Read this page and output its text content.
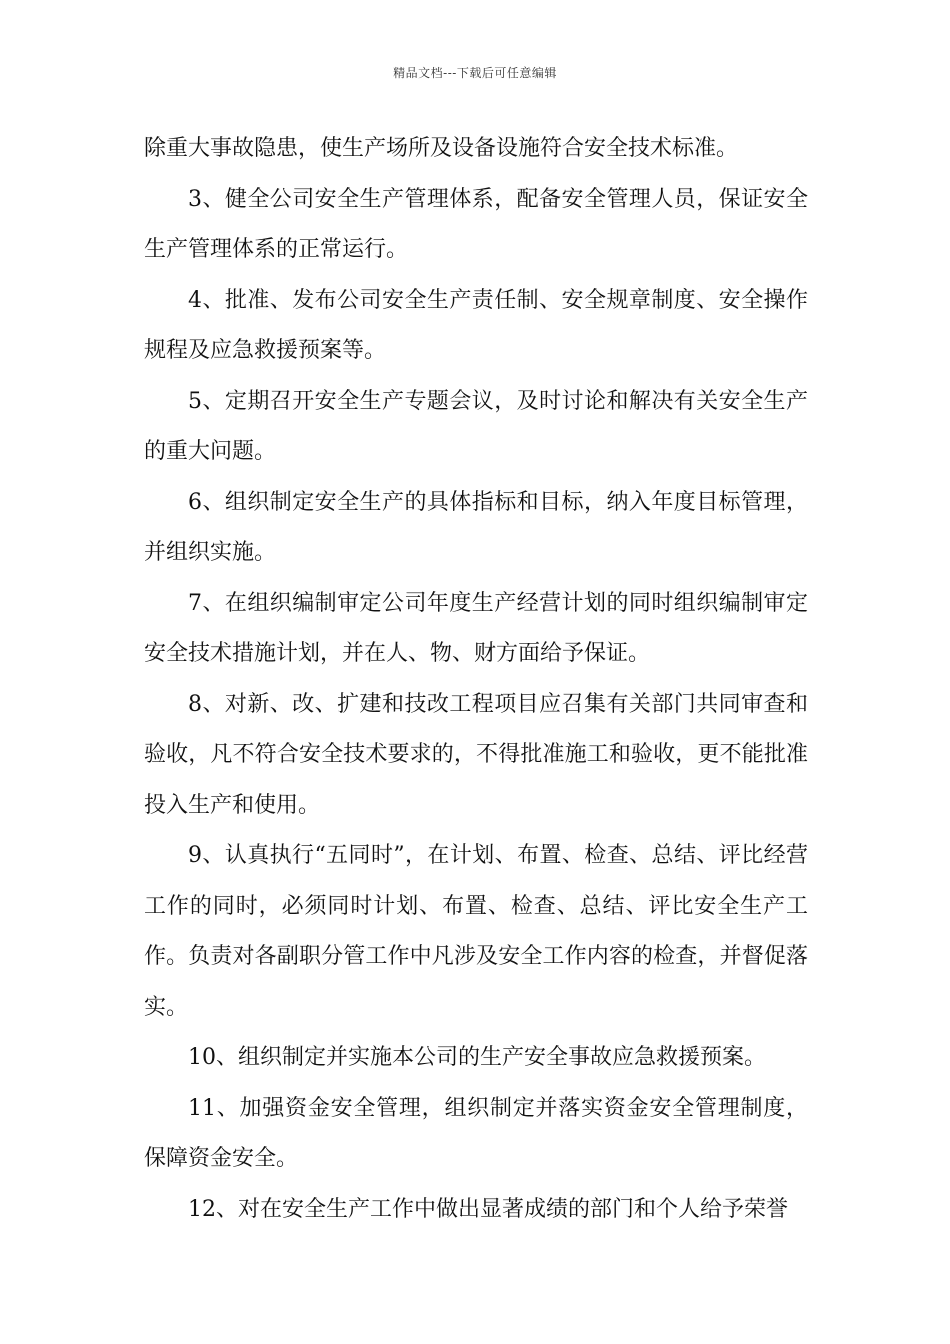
精品文档---下载后可任意编辑

除重大事故隐患，使生产场所及设备设施符合安全技术标准。

3、健全公司安全生产管理体系，配备安全管理人员，保证安全生产管理体系的正常运行。

4、批准、发布公司安全生产责任制、安全规章制度、安全操作规程及应急救援预案等。

5、定期召开安全生产专题会议，及时讨论和解决有关安全生产的重大问题。

6、组织制定安全生产的具体指标和目标，纳入年度目标管理，并组织实施。

7、在组织编制审定公司年度生产经营计划的同时组织编制审定安全技术措施计划，并在人、物、财方面给予保证。

8、对新、改、扩建和技改工程项目应召集有关部门共同审查和验收，凡不符合安全技术要求的，不得批准施工和验收，更不能批准投入生产和使用。

9、认真执行“五同时”，在计划、布置、检查、总结、评比经营工作的同时，必须同时计划、布置、检查、总结、评比安全生产工作。负责对各副职分管工作中凡涉及安全工作内容的检查，并督促落实。

10、组织制定并实施本公司的生产安全事故应急救援预案。

11、加强资金安全管理，组织制定并落实资金安全管理制度，保障资金安全。

12、对在安全生产工作中做出显著成绩的部门和个人给予荣誉
